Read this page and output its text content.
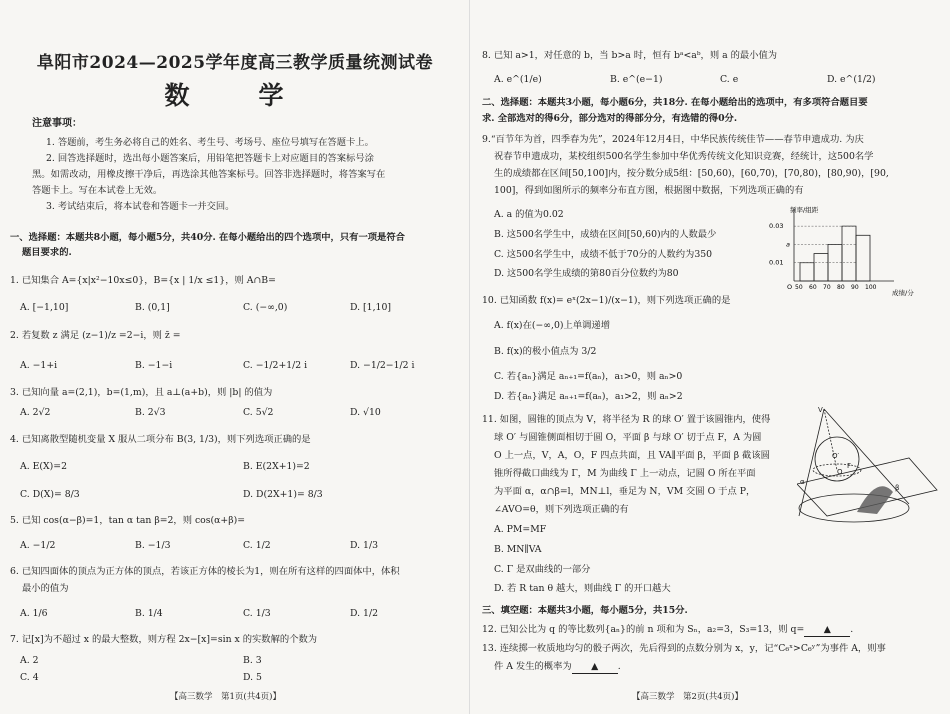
阜阳市2024—2025学年度高三教学质量统测试卷
数　学
注意事项：
1. 答题前，考生务必将自己的姓名、考生号、考场号、座位号填写在答题卡上。
2. 回答选择题时，选出每小题答案后，用铅笔把答题卡上对应题目的答案标号涂
黑。如需改动，用橡皮擦干净后，再选涂其他答案标号。回答非选择题时，将答案写在
答题卡上。写在本试卷上无效。
3. 考试结束后，将本试卷和答题卡一并交回。
一、选择题：本题共8小题，每小题5分，共40分. 在每小题给出的四个选项中，只有一项是符合
题目要求的.
1. 已知集合 A={x|x²−10x≤0}，B={x | 1/x ≤1}，则 A∩B=
A. [−1,10]	B. (0,1]	C. (−∞,0)	D. [1,10]
2. 若复数 z 满足 (z−1)/z =2−i，则 z̄ =
A. −1+i	B. −1−i	C. −1/2+1/2 i	D. −1/2−1/2 i
3. 已知向量 a=(2,1)，b=(1,m)，且 a⊥(a+b)，则 |b| 的值为
A. 2√2	B. 2√3	C. 5√2	D. √10
4. 已知离散型随机变量 X 服从二项分布 B(3, 1/3)，则下列选项正确的是
A. E(X)=2	B. E(2X+1)=2
C. D(X)= 8/3	D. D(2X+1)= 8/3
5. 已知 cos(α−β)=1，tan α tan β=2，则 cos(α+β)=
A. −1/2	B. −1/3	C. 1/2	D. 1/3
6. 已知四面体的顶点为正方体的顶点，若该正方体的棱长为1，则在所有这样的四面体中，体积
最小的值为
A. 1/6	B. 1/4	C. 1/3	D. 1/2
7. 记[x]为不超过 x 的最大整数，则方程 2x−[x]=sin x 的实数解的个数为
A. 2	B. 3
C. 4	D. 5
【高三数学　第1页(共4页)】
8. 已知 a>1，对任意的 b，当 b>a 时，恒有 bᵃ<aᵇ，则 a 的最小值为
A. e^(1/e)	B. e^(e−1)	C. e	D. e^(1/2)
二、选择题：本题共3小题，每小题6分，共18分. 在每小题给出的选项中，有多项符合题目要
求. 全部选对的得6分，部分选对的得部分分，有选错的得0分.
9.“百节年为首，四季春为先”，2024年12月4日，中华民族传统佳节——春节申遗成功. 为庆
祝春节申遗成功，某校组织500名学生参加中华优秀传统文化知识竞赛，经统计，这500名学
生的成绩都在区间[50,100]内，按分数分成5组：[50,60)，[60,70)，[70,80)，[80,90)，[90,
100]，得到如图所示的频率分布直方图，根据图中数据，下列选项正确的有
A. a 的值为0.02
B. 这500名学生中，成绩在区间[50,60)内的人数最少
C. 这500名学生中，成绩不低于70分的人数约为350
D. 这500名学生成绩的第80百分位数约为80
频率/组距
成绩/分
O 50 60 70 80 90 100
0.03
a
0.01
10. 已知函数 f(x)= eˣ(2x−1)/(x−1)，则下列选项正确的是
A. f(x)在(−∞,0)上单调递增
B. f(x)的极小值点为 3/2
C. 若{aₙ}满足 aₙ₊₁=f(aₙ)，a₁>0，则 aₙ>0
D. 若{aₙ}满足 aₙ₊₁=f(aₙ)，a₁>2，则 aₙ>2
11. 如图，圆锥的顶点为 V，将半径为 R 的球 O′ 置于该圆锥内，使得
球 O′ 与圆锥侧面相切于圆 O，平面 β 与球 O′ 切于点 F，A 为圆
O 上一点，V，A，O，F 四点共面，且 VA∥平面 β，平面 β 截该圆
锥所得截口曲线为 Γ，M 为曲线 Γ 上一动点，记圆 O 所在平面
为平面 α，α∩β=l，MN⊥l，垂足为 N，VM 交圆 O 于点 P，
∠AVO=θ，则下列选项正确的有
A. PM=MF
B. MN∥VA
C. Γ 是双曲线的一部分
D. 若 R tan θ 越大，则曲线 Γ 的开口越大
V
O′
O
α
β
F
三、填空题：本题共3小题，每小题5分，共15分.
12. 已知公比为 q 的等比数列{aₙ}的前 n 项和为 Sₙ，a₂=3，S₃=13，则 q= ▲ .
13. 连续掷一枚质地均匀的骰子两次，先后得到的点数分别为 x，y，记“C₆ˣ>C₆ʸ”为事件 A，则事
件 A 发生的概率为 ▲ .
【高三数学　第2页(共4页)】
